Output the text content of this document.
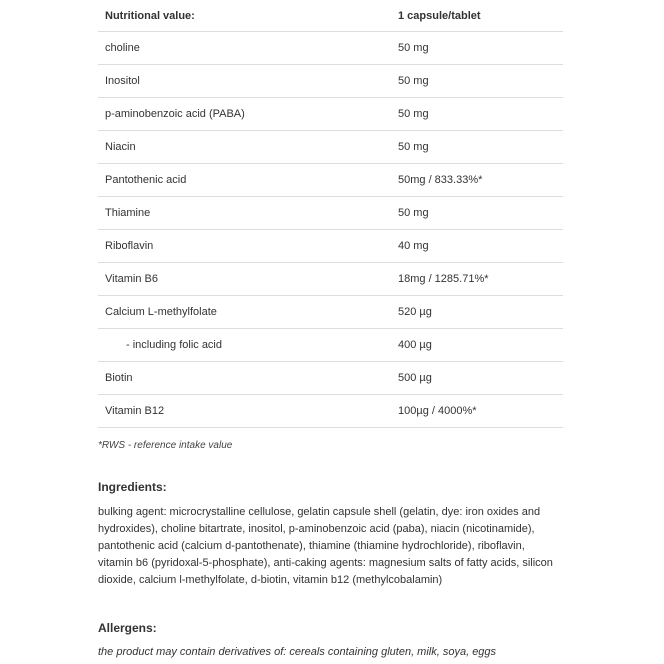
Nutritional value:	1 capsule/tablet
choline	50 mg
Inositol	50 mg
p-aminobenzoic acid (PABA)	50 mg
Niacin	50 mg
Pantothenic acid	50mg / 833.33%*
Thiamine	50 mg
Riboflavin	40 mg
Vitamin B6	18mg / 1285.71%*
Calcium L-methylfolate	520 µg
- including folic acid	400 µg
Biotin	500 µg
Vitamin B12	100µg / 4000%*
*RWS - reference intake value
Ingredients:
bulking agent: microcrystalline cellulose, gelatin capsule shell (gelatin, dye: iron oxides and hydroxides), choline bitartrate, inositol, p-aminobenzoic acid (paba), niacin (nicotinamide), pantothenic acid (calcium d-pantothenate), thiamine (thiamine hydrochloride), riboflavin, vitamin b6 (pyridoxal-5-phosphate), anti-caking agents: magnesium salts of fatty acids, silicon dioxide, calcium l-methylfolate, d-biotin, vitamin b12 (methylcobalamin)
Allergens:
the product may contain derivatives of: cereals containing gluten, milk, soya, eggs
